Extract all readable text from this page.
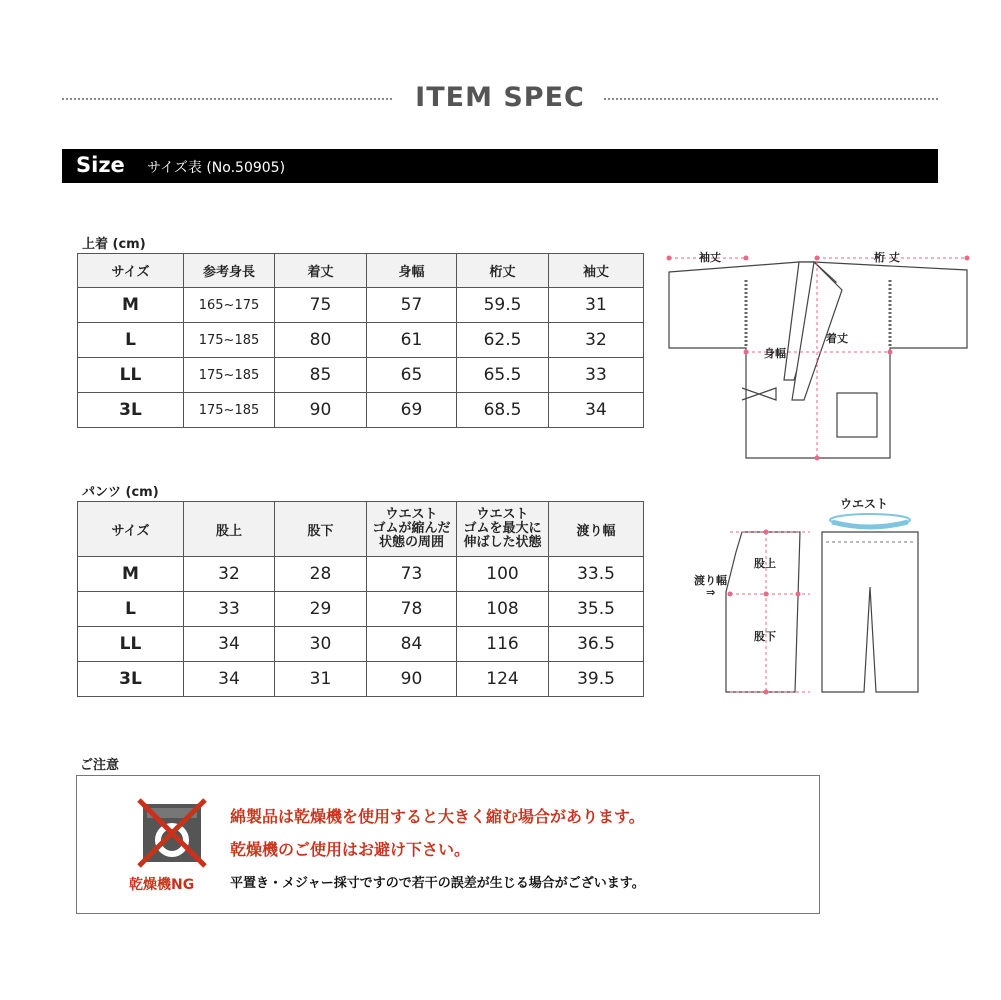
ITEM SPEC
Size サイズ表 (No.50905)
上着 (cm)
サイズ	参考身長	着丈	身幅	桁丈	袖丈
M	165~175	75	57	59.5	31
L	175~185	80	61	62.5	32
LL	175~185	85	65	65.5	33
3L	175~185	90	69	68.5	34
袖丈	桁 丈
身幅
着丈
パンツ (cm)
サイズ	股上	股下	ウエスト
ゴムが縮んだ
状態の周囲	ウエスト
ゴムを最大に
伸ばした状態	渡り幅
M	32	28	73	100	33.5
L	33	29	78	108	35.5
LL	34	30	84	116	36.5
3L	34	31	90	124	39.5
ウエスト
股上
股下
渡り幅 ⇒
ご注意
乾燥機NG
綿製品は乾燥機を使用すると大きく縮む場合があります。
乾燥機のご使用はお避け下さい。
平置き・メジャー採寸ですので若干の誤差が生じる場合がございます。
